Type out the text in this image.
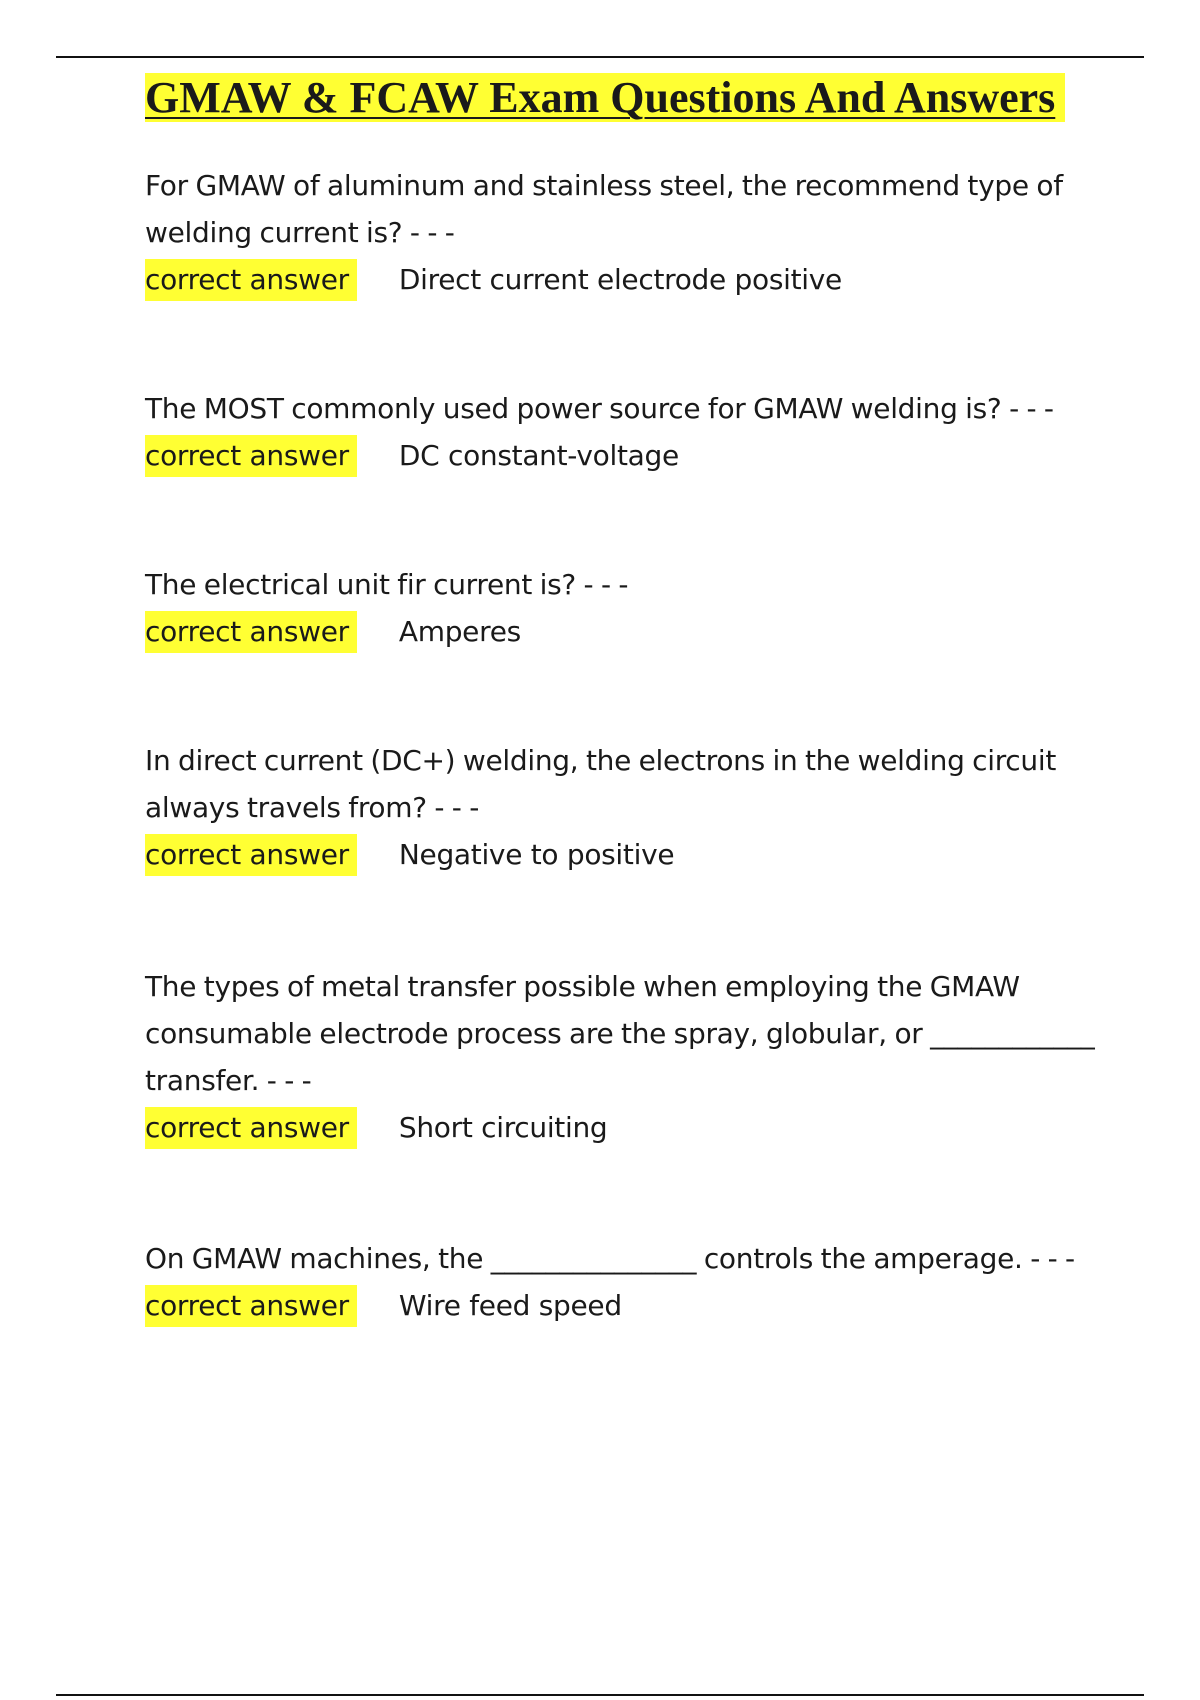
GMAW & FCAW Exam Questions And Answers

For GMAW of aluminum and stainless steel, the recommend type of welding current is? - - -

correct answer Direct current electrode positive

The MOST commonly used power source for GMAW welding is? - - -

correct answer DC constant-voltage

The electrical unit fir current is? - - -

correct answer Amperes

In direct current (DC+) welding, the electrons in the welding circuit always travels from? - - -

correct answer Negative to positive

The types of metal transfer possible when employing the GMAW consumable electrode process are the spray, globular, or ____________ transfer. - - -

correct answer Short circuiting

On GMAW machines, the _______________ controls the amperage. - - -

correct answer Wire feed speed
